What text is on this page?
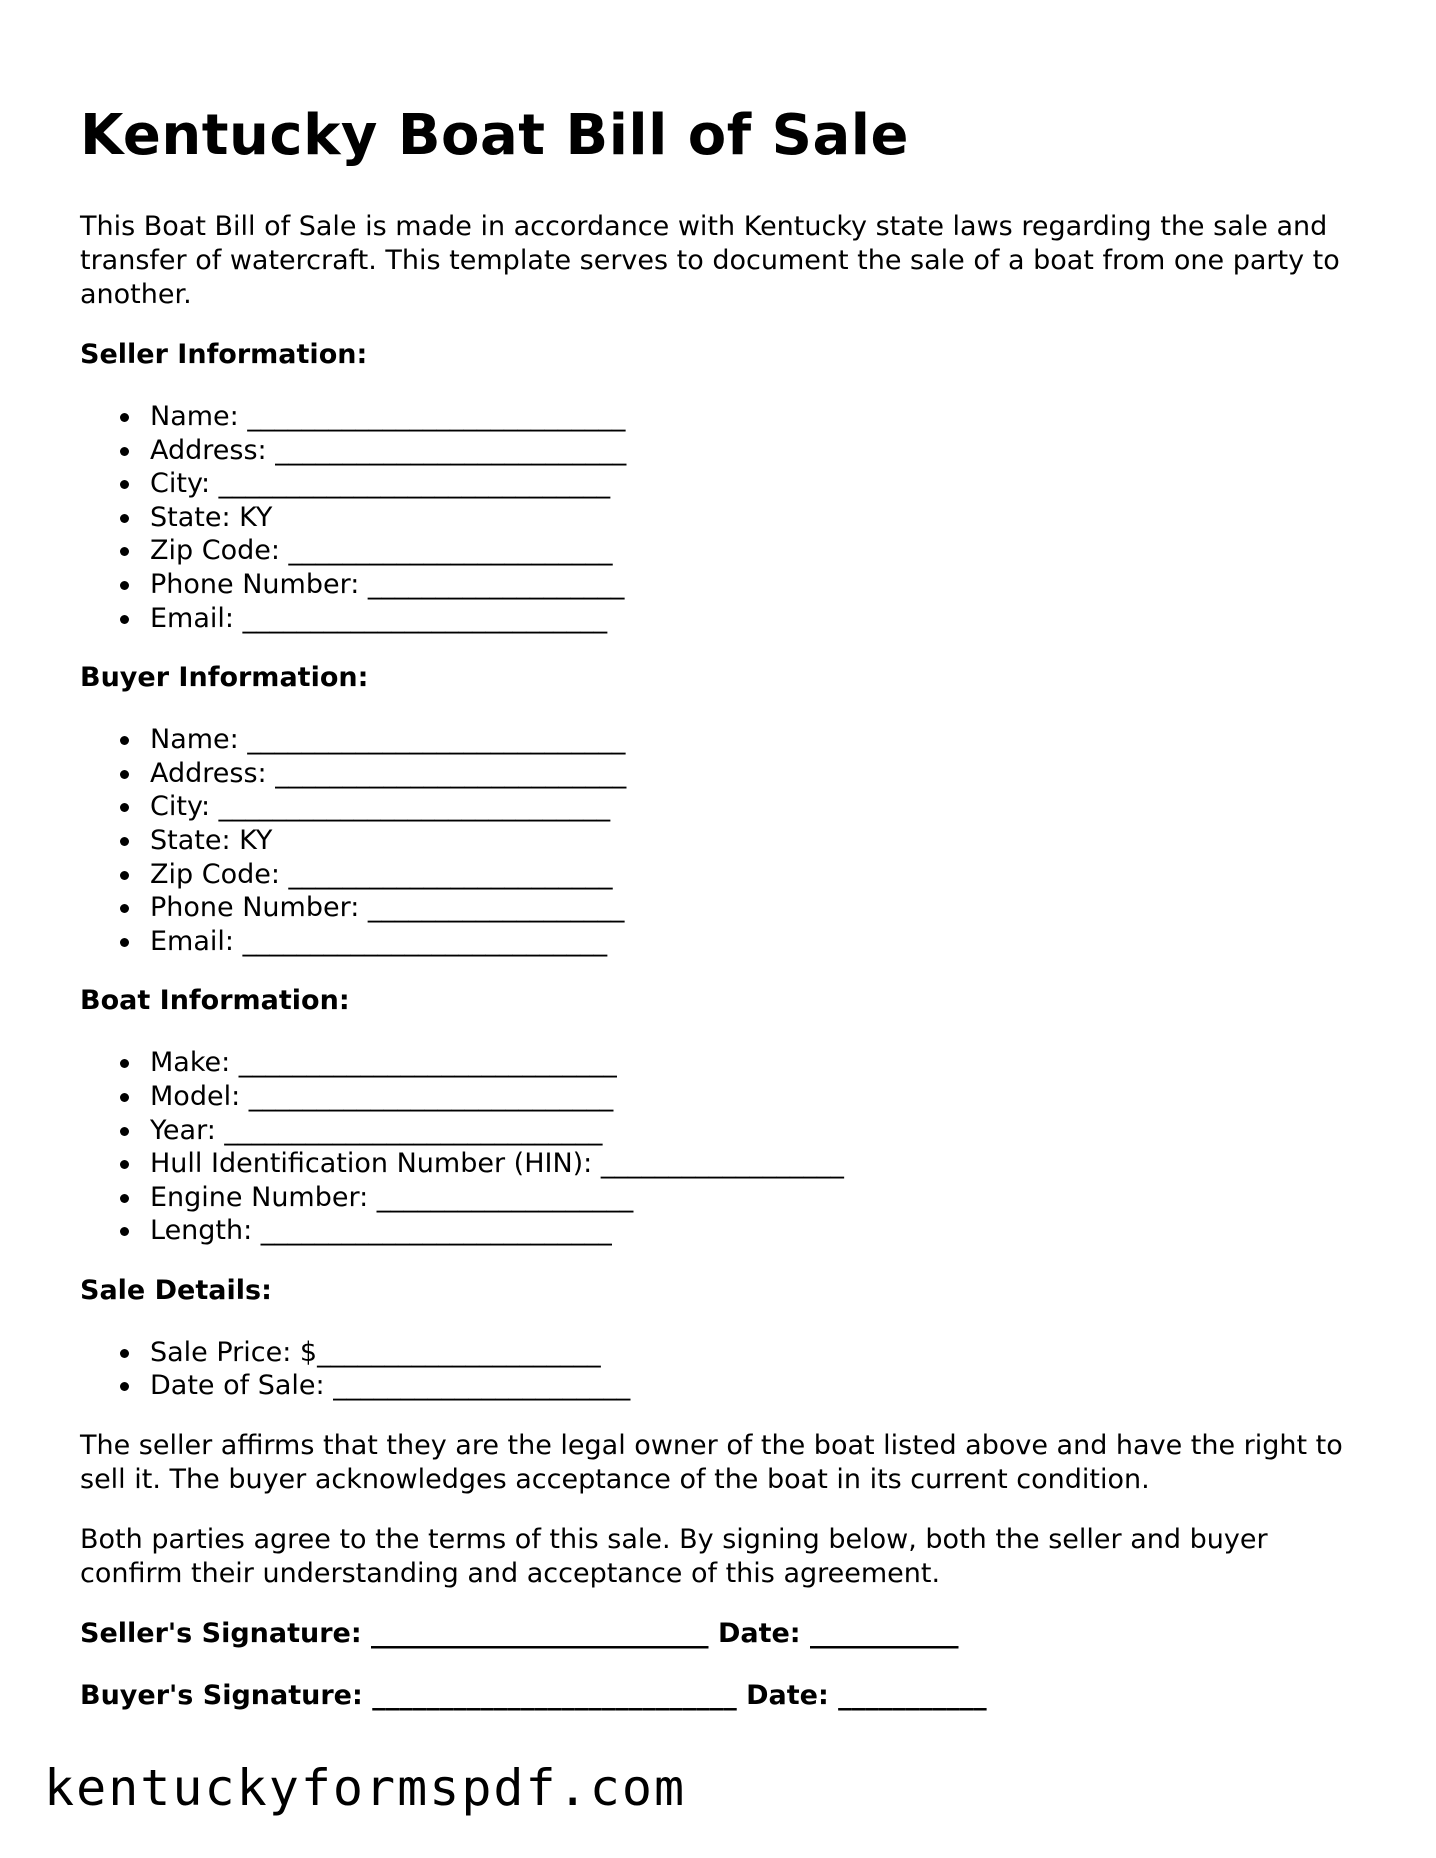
Kentucky Boat Bill of Sale

This Boat Bill of Sale is made in accordance with Kentucky state laws regarding the sale and transfer of watercraft. This template serves to document the sale of a boat from one party to another.

Seller Information:
Name: ____________________________
Address: __________________________
City: _____________________________
State: KY
Zip Code: ________________________
Phone Number: ___________________
Email: ___________________________
Buyer Information:
Name: ____________________________
Address: __________________________
City: _____________________________
State: KY
Zip Code: ________________________
Phone Number: ___________________
Email: ___________________________
Boat Information:
Make: ____________________________
Model: ___________________________
Year: ____________________________
Hull Identification Number (HIN): __________________
Engine Number: ___________________
Length: __________________________
Sale Details:
Sale Price: $_____________________
Date of Sale: ______________________

The seller affirms that they are the legal owner of the boat listed above and have the right to sell it. The buyer acknowledges acceptance of the boat in its current condition.

Both parties agree to the terms of this sale. By signing below, both the seller and buyer confirm their understanding and acceptance of this agreement.

Seller's Signature: _________________________ Date: ___________
Buyer's Signature: ___________________________ Date: ___________
kentuckyformspdf.com
